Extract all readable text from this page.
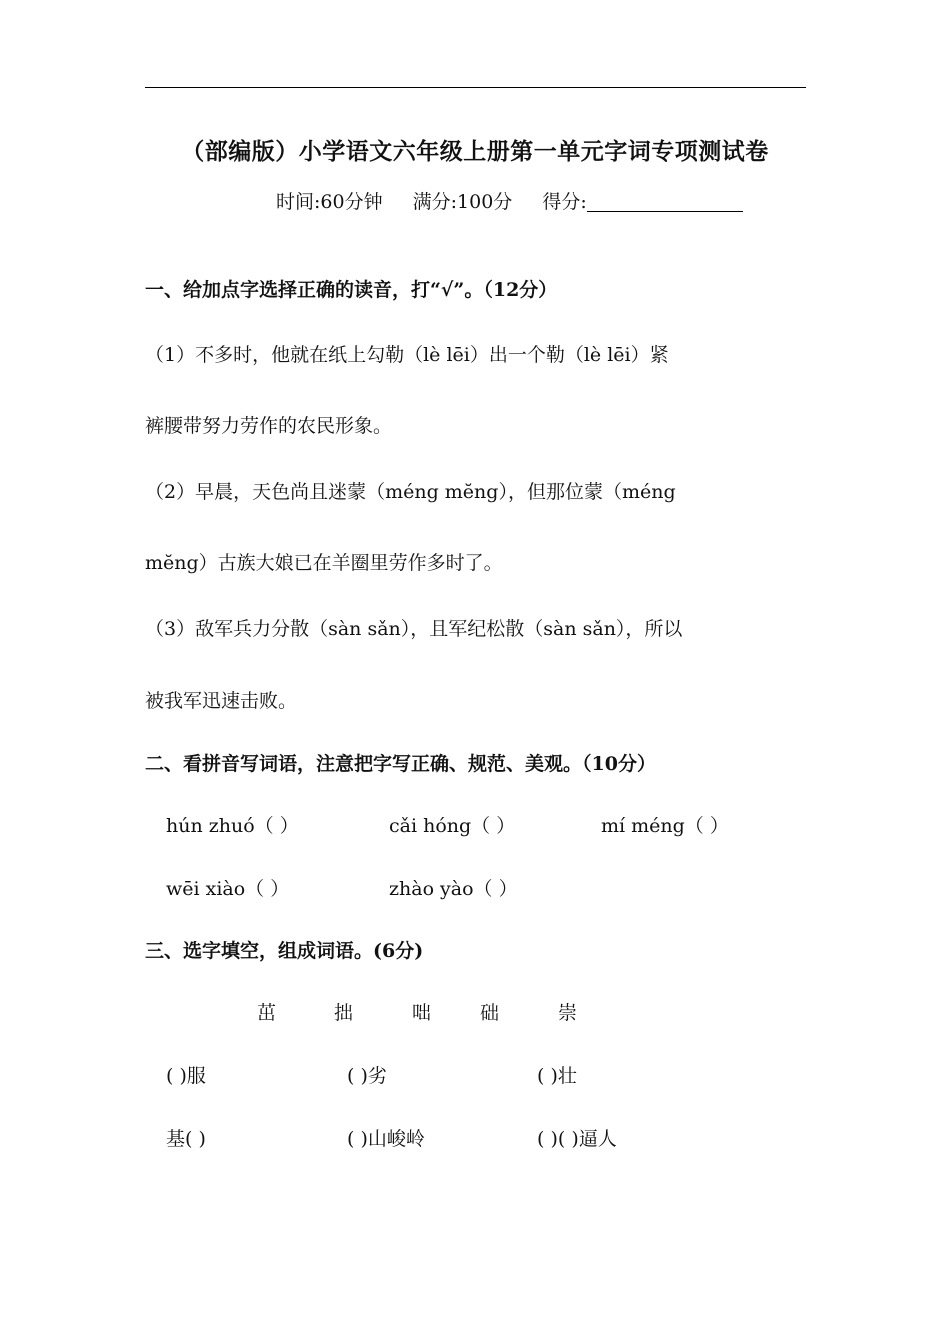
（部编版）小学语文六年级上册第一单元字词专项测试卷
时间:60分钟 满分:100分 得分:
一、给加点字选择正确的读音，打“√”。（12分）
（1）不多时，他就在纸上勾勒（lè lēi）出一个勒（lè lēi）紧
裤腰带努力劳作的农民形象。
（2）早晨，天色尚且迷蒙（méng mĕng），但那位蒙（méng
mĕng）古族大娘已在羊圈里劳作多时了。
（3）敌军兵力分散（sàn sǎn），且军纪松散（sàn sǎn），所以
被我军迅速击败。
二、看拼音写词语，注意把字写正确、规范、美观。（10分）
hún zhuó（ ）	cǎi hóng（ ）	mí méng（ ）
wēi xiào（ ）	zhào yào（ ）
三、选字填空，组成词语。(6分)
茁	拙	咄	础	崇
( )服	( )劣	( )壮
基( )	( )山峻岭	( )( )逼人
